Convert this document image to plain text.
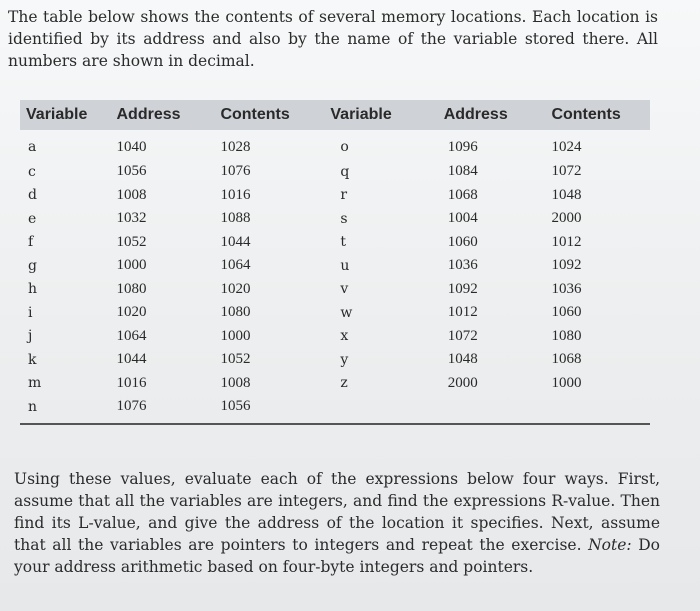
The table below shows the contents of several memory locations. Each location is identified by its address and also by the name of the variable stored there. All numbers are shown in decimal.

Variable	Address	Contents	Variable	Address	Contents
a	1040	1028	o	1096	1024
c	1056	1076	q	1084	1072
d	1008	1016	r	1068	1048
e	1032	1088	s	1004	2000
f	1052	1044	t	1060	1012
g	1000	1064	u	1036	1092
h	1080	1020	v	1092	1036
i	1020	1080	w	1012	1060
j	1064	1000	x	1072	1080
k	1044	1052	y	1048	1068
m	1016	1008	z	2000	1000
n	1076	1056			

Using these values, evaluate each of the expressions below four ways. First, assume that all the variables are integers, and find the expressions R-value. Then find its L-value, and give the address of the location it specifies. Next, assume that all the variables are pointers to integers and repeat the exercise. Note: Do your address arithmetic based on four-byte integers and pointers.
